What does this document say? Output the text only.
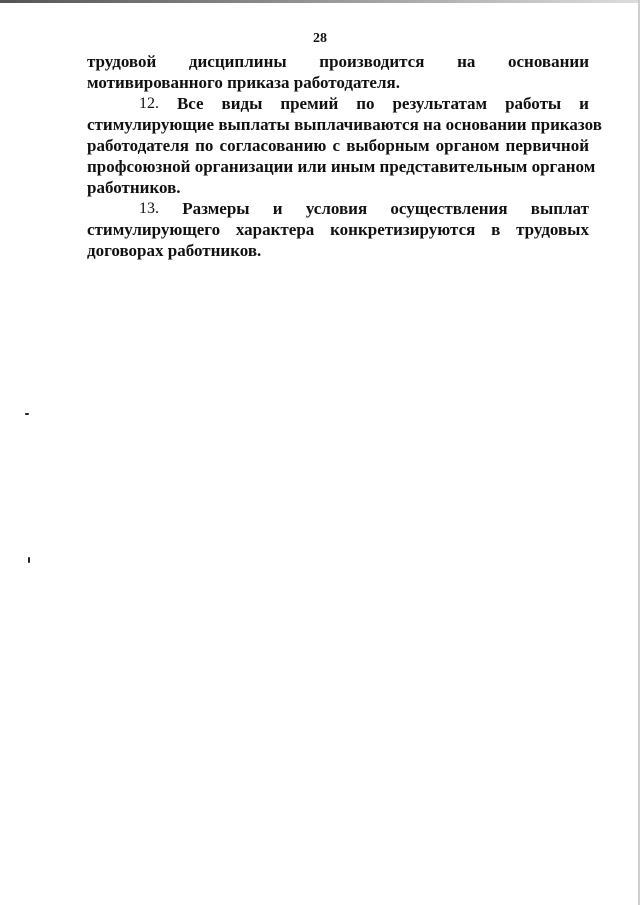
28
трудовой дисциплины производится на основании
мотивированного приказа работодателя.
12. Все виды премий по результатам работы и
стимулирующие выплаты выплачиваются на основании приказов
работодателя по согласованию с выборным органом первичной
профсоюзной организации или иным представительным органом
работников.
13. Размеры и условия осуществления выплат
стимулирующего характера конкретизируются в трудовых
договорах работников.
